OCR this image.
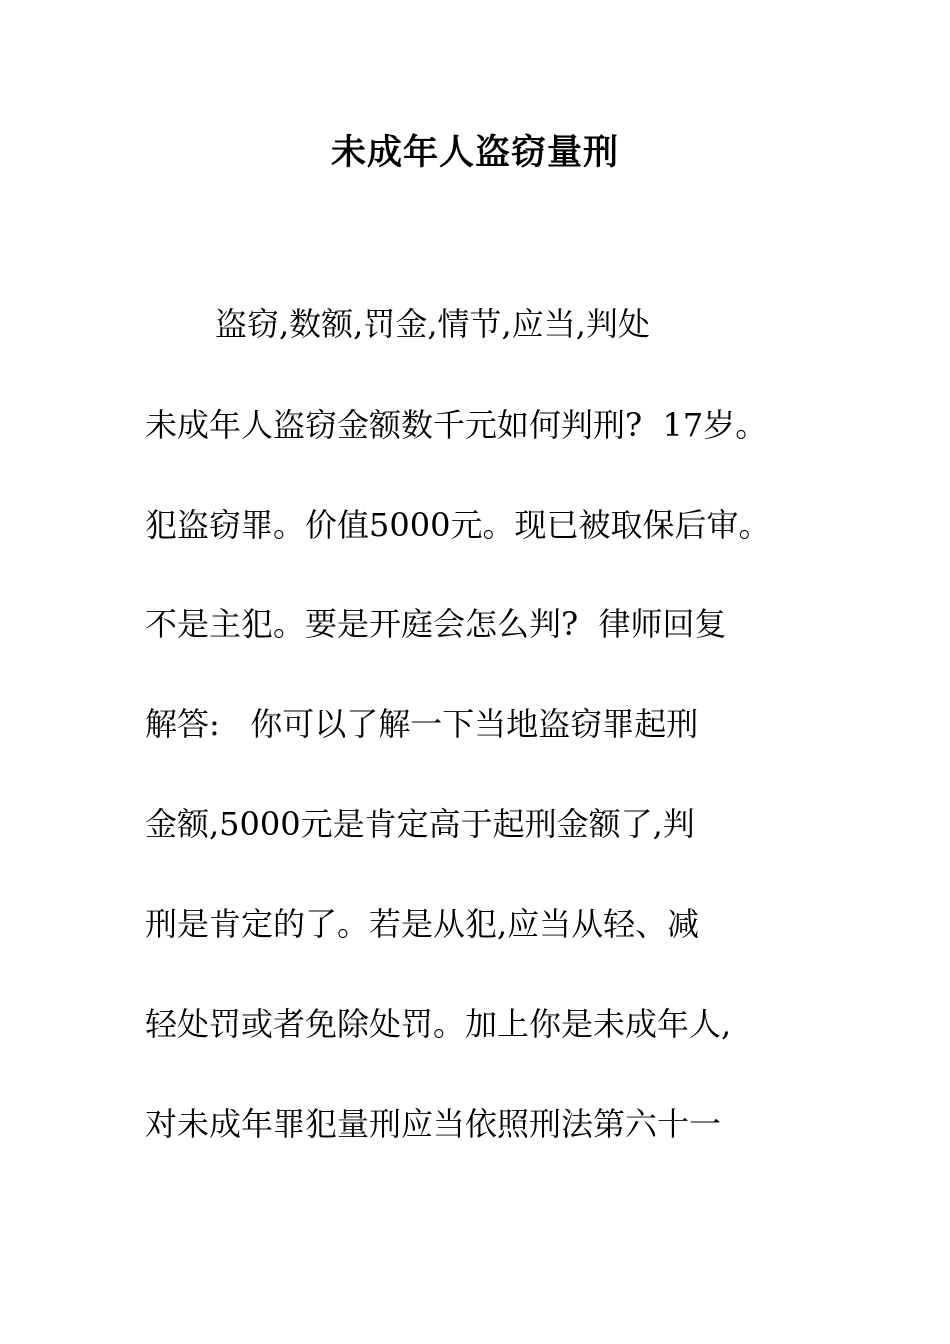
未成年人盗窃量刑
盗窃,数额,罚金,情节,应当,判处
未成年人盗窃金额数千元如何判刑?  17岁。
犯盗窃罪。价值5000元。现已被取保后审。
不是主犯。要是开庭会怎么判?  律师回复
解答:   你可以了解一下当地盗窃罪起刑
金额,5000元是肯定高于起刑金额了,判
刑是肯定的了。若是从犯,应当从轻、减
轻处罚或者免除处罚。加上你是未成年人,
对未成年罪犯量刑应当依照刑法第六十一
